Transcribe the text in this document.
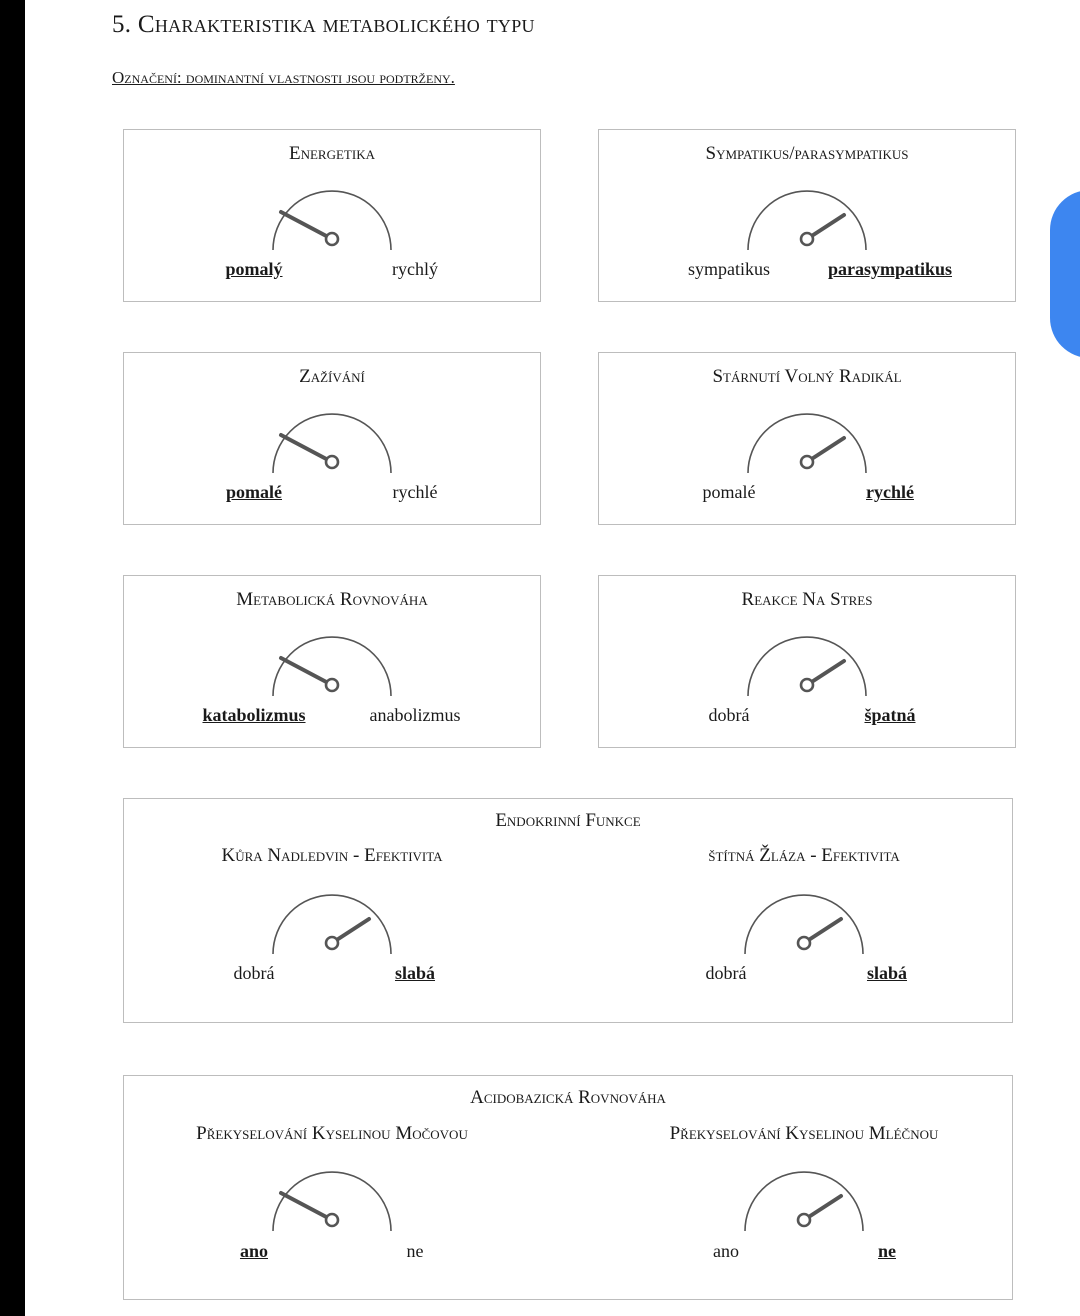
5. Charakteristika metabolického typu
Označení: dominantní vlastnosti jsou podtrženy.
Energetika
pomalý	rychlý
Sympatikus/parasympatikus
sympatikus	parasympatikus
Zažívání
pomalé	rychlé
Stárnutí Volný Radikál
pomalé	rychlé
Metabolická Rovnováha
katabolizmus	anabolizmus
Reakce Na Stres
dobrá	špatná
Endokrinní Funkce
Kůra Nadledvin - Efektivita
dobrá	slabá
štítná Žláza - Efektivita
dobrá	slabá
Acidobazická Rovnováha
Překyselování Kyselinou Močovou
ano	ne
Překyselování Kyselinou Mléčnou
ano	ne
